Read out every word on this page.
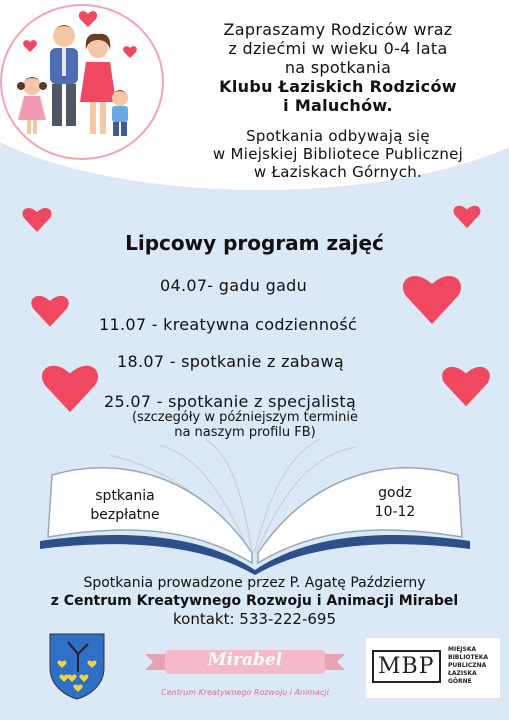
Zapraszamy Rodziców wraz
z dziećmi w wieku 0-4 lata
na spotkania
Klubu Łaziskich Rodziców
i Maluchów.
Spotkania odbywają się
w Miejskiej Bibliotece Publicznej
w Łaziskach Górnych.
Lipcowy program zajęć
04.07- gadu gadu
11.07 - kreatywna codzienność
18.07 - spotkanie z zabawą
25.07 - spotkanie z specjalistą
(szczegóły w późniejszym terminie
na naszym profilu FB)
sptkania
bezpłatne
godz
10-12
Spotkania prowadzone przez P. Agatę Październy
z Centrum Kreatywnego Rozwoju i Animacji Mirabel
kontakt: 533-222-695
Mirabel
Centrum Kreatywnego Rozwoju i Animacji
MBP
MIEJSKA
BIBLIOTEKA
PUBLICZNA
ŁAZISKA
GÓRNE
